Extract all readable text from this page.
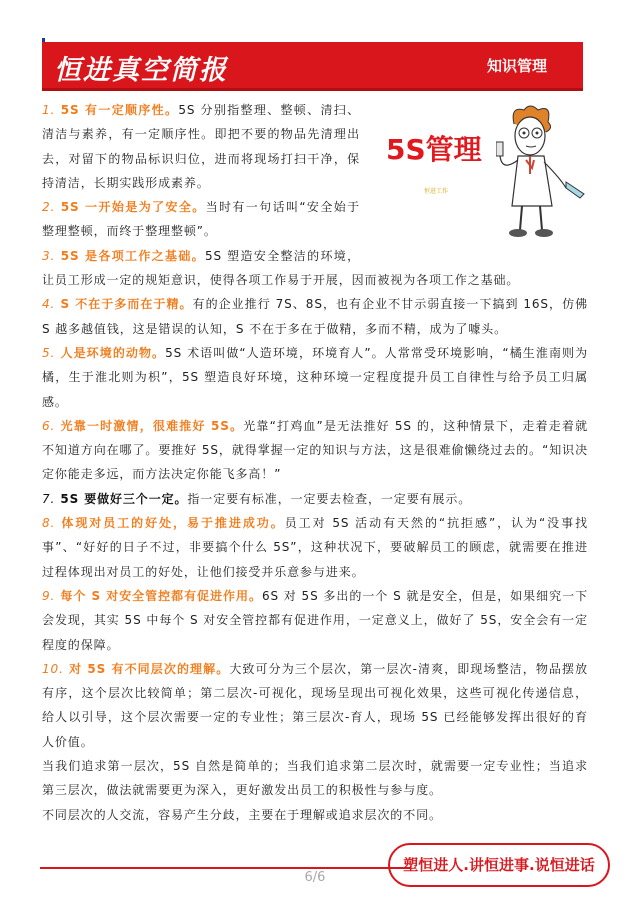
恒进真空简报	知识管理
5S管理
恒进工作

1. 5S 有一定顺序性。5S 分别指整理、整顿、清扫、清洁与素养，有一定顺序性。即把不要的物品先清理出去，对留下的物品标识归位，进而将现场打扫干净，保持清洁，长期实践形成素养。

2. 5S 一开始是为了安全。当时有一句话叫“安全始于整理整顿，而终于整理整顿”。

3. 5S 是各项工作之基础。5S 塑造安全整洁的环境，让员工形成一定的规矩意识，使得各项工作易于开展，因而被视为各项工作之基础。

4. S 不在于多而在于精。有的企业推行 7S、8S，也有企业不甘示弱直接一下搞到 16S，仿佛 S 越多越值钱，这是错误的认知，S 不在于多在于做精，多而不精，成为了噱头。

5. 人是环境的动物。5S 术语叫做“人造环境，环境育人”。人常常受环境影响，“橘生淮南则为橘，生于淮北则为枳”，5S 塑造良好环境，这种环境一定程度提升员工自律性与给予员工归属感。

6. 光靠一时激情，很难推好 5S。光靠“打鸡血”是无法推好 5S 的，这种情景下，走着走着就不知道方向在哪了。要推好 5S，就得掌握一定的知识与方法，这是很难偷懒绕过去的。“知识决定你能走多远，而方法决定你能飞多高！”

7. 5S 要做好三个一定。指一定要有标准，一定要去检查，一定要有展示。

8. 体现对员工的好处，易于推进成功。员工对 5S 活动有天然的“抗拒感”，认为“没事找事”、“好好的日子不过，非要搞个什么 5S”，这种状况下，要破解员工的顾虑，就需要在推进过程体现出对员工的好处，让他们接受并乐意参与进来。

9. 每个 S 对安全管控都有促进作用。6S 对 5S 多出的一个 S 就是安全，但是，如果细究一下会发现，其实 5S 中每个 S 对安全管控都有促进作用，一定意义上，做好了 5S，安全会有一定程度的保障。

10. 对 5S 有不同层次的理解。大致可分为三个层次，第一层次-清爽，即现场整洁，物品摆放有序，这个层次比较简单；第二层次-可视化，现场呈现出可视化效果，这些可视化传递信息，给人以引导，这个层次需要一定的专业性；第三层次-育人，现场 5S 已经能够发挥出很好的育人价值。

当我们追求第一层次，5S 自然是简单的；当我们追求第二层次时，就需要一定专业性；当追求第三层次，做法就需要更为深入，更好激发出员工的积极性与参与度。

不同层次的人交流，容易产生分歧，主要在于理解或追求层次的不同。

塑恒进人.讲恒进事.说恒进话
6/6
